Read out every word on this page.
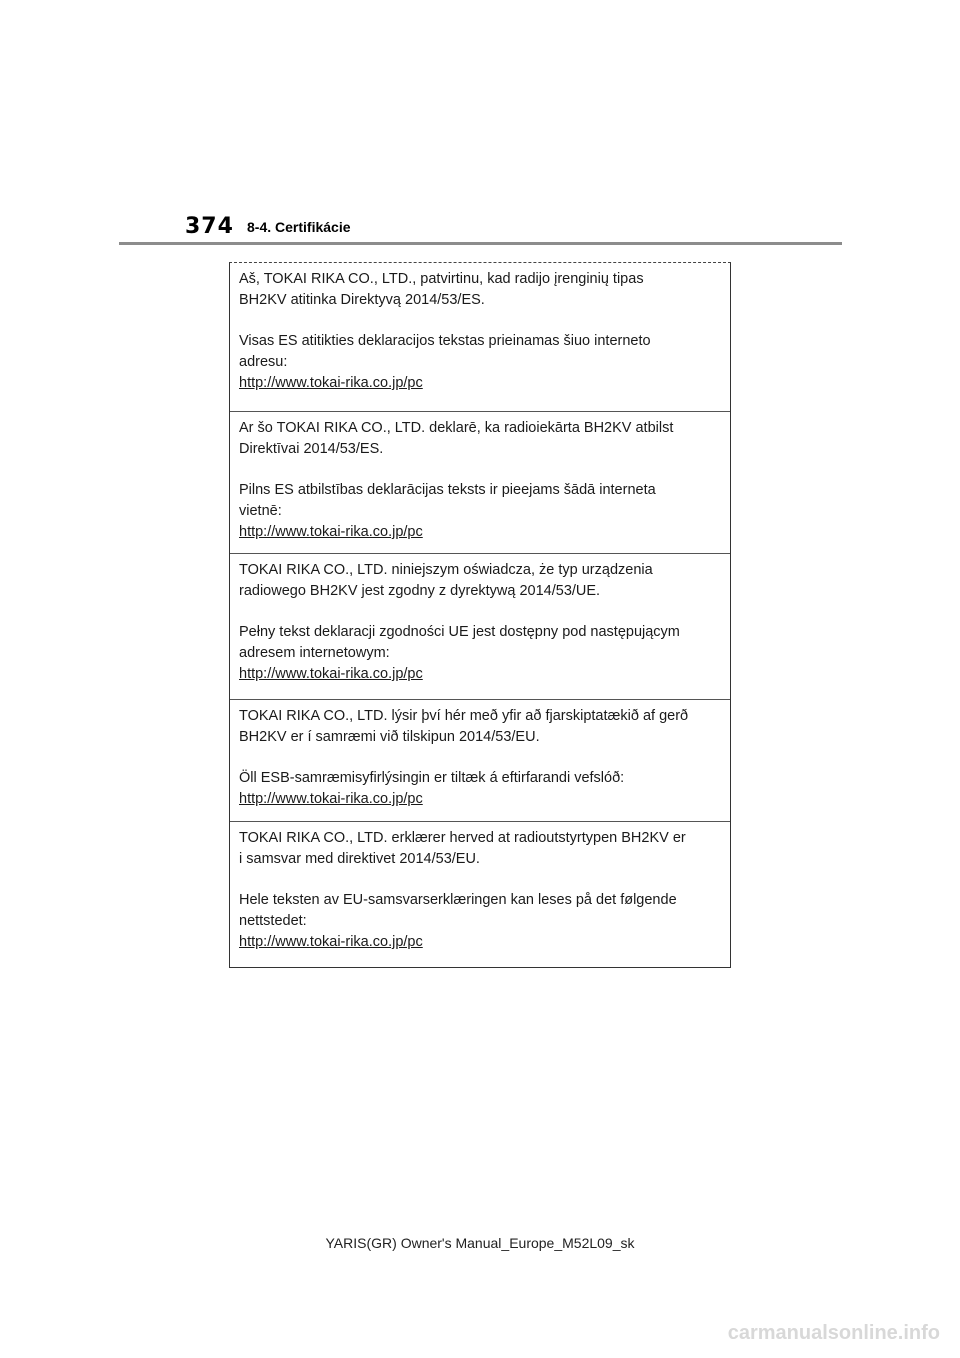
374 8-4. Certifikácie

Aš, TOKAI RIKA CO., LTD., patvirtinu, kad radijo įrenginių tipas

BH2KV atitinka Direktyvą 2014/53/ES.

Visas ES atitikties deklaracijos tekstas prieinamas šiuo interneto

adresu:

http://www.tokai-rika.co.jp/pc

Ar šo TOKAI RIKA CO., LTD. deklarē, ka radioiekārta BH2KV atbilst

Direktīvai 2014/53/ES.

Pilns ES atbilstības deklarācijas teksts ir pieejams šādā interneta

vietnē:

http://www.tokai-rika.co.jp/pc

TOKAI RIKA CO., LTD. niniejszym oświadcza, że typ urządzenia

radiowego BH2KV jest zgodny z dyrektywą 2014/53/UE.

Pełny tekst deklaracji zgodności UE jest dostępny pod następującym

adresem internetowym:

http://www.tokai-rika.co.jp/pc

TOKAI RIKA CO., LTD. lýsir því hér með yfir að fjarskiptatækið af gerð

BH2KV er í samræmi við tilskipun 2014/53/EU.

Öll ESB-samræmisyfirlýsingin er tiltæk á eftirfarandi vefslóð:

http://www.tokai-rika.co.jp/pc

TOKAI RIKA CO., LTD. erklærer herved at radioutstyrtypen BH2KV er

i samsvar med direktivet 2014/53/EU.

Hele teksten av EU-samsvarserklæringen kan leses på det følgende

nettstedet:

http://www.tokai-rika.co.jp/pc

YARIS(GR) Owner's Manual_Europe_M52L09_sk
carmanualsonline.info
